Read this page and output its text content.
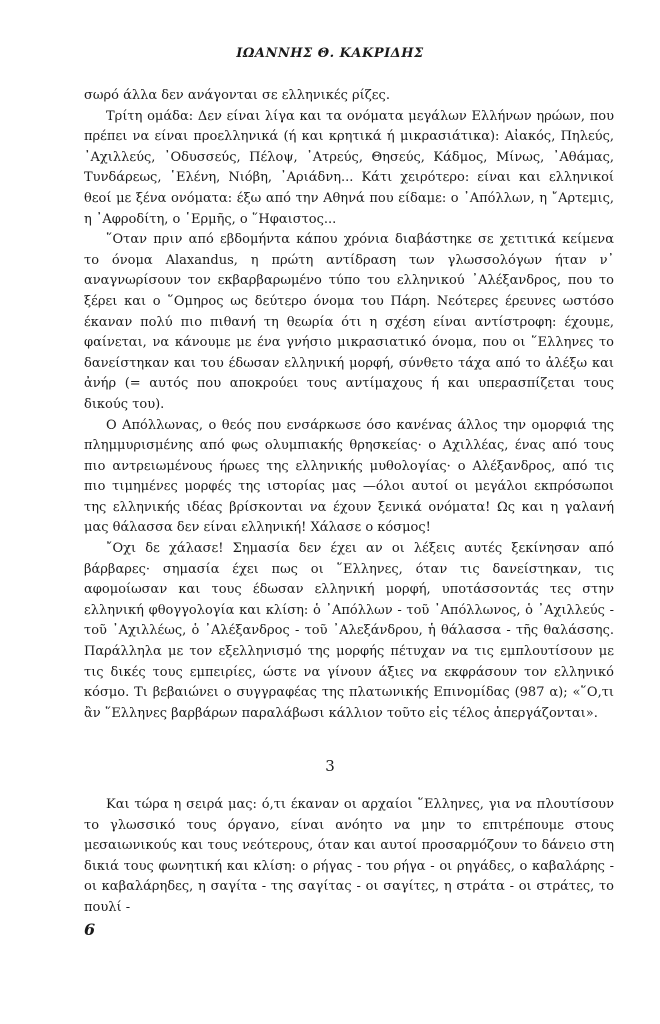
ΙΩΑΝΝΗΣ Θ. ΚΑΚΡΙΔΗΣ

σωρό άλλα δεν ανάγονται σε ελληνικές ρίζες.

Τρίτη ομάδα: Δεν είναι λίγα και τα ονόματα μεγάλων Ελλήνων ηρώων, που πρέπει να είναι προελληνικά (ή και κρητικά ή μικρασιάτικα): Αἰακός, Πηλεύς, ᾿Αχιλλεύς, ᾿Οδυσσεύς, Πέλοψ, ᾿Ατρεύς, Θησεύς, Κάδμος, Μίνως, ᾿Αθάμας, Τυνδάρεως, ῾Ελένη, Νιόβη, ᾿Αριάδνη... Κάτι χειρότερο: είναι και ελληνικοί θεοί με ξένα ονόματα: έξω από την Αθηνά που είδαμε: ο ᾿Απόλλων, η ῎Αρτεμις, η ᾿Αφροδίτη, ο ῾Ερμῆς, ο ῞Ηφαιστος...

῞Οταν πριν από εβδομήντα κάπου χρόνια διαβάστηκε σε χετιτικά κείμενα το όνομα Alaxandus, η πρώτη αντίδραση των γλωσσολόγων ήταν ν᾿ αναγνωρίσουν τον εκβαρβαρωμένο τύπο του ελληνικού ᾿Αλέξανδρος, που το ξέρει και ο ῞Ομηρος ως δεύτερο όνομα του Πάρη. Νεότερες έρευνες ωστόσο έκαναν πολύ πιο πιθανή τη θεωρία ότι η σχέση είναι αντίστροφη: έχουμε, φαίνεται, να κάνουμε με ένα γνήσιο μικρασιατικό όνομα, που οι ῞Ελληνες το δανείστηκαν και του έδωσαν ελληνική μορφή, σύνθετο τάχα από το ἀλέξω και ἀνήρ (= αυτός που αποκρούει τους αντίμαχους ή και υπερασπίζεται τους δικούς του).

Ο Απόλλωνας, ο θεός που ενσάρκωσε όσο κανένας άλλος την ομορφιά της πλημμυρισμένης από φως ολυμπιακής θρησκείας· ο Αχιλλέας, ένας από τους πιο αντρειωμένους ήρωες της ελληνικής μυθολογίας· ο Αλέξανδρος, από τις πιο τιμημένες μορφές της ιστορίας μας —όλοι αυτοί οι μεγάλοι εκπρόσωποι της ελληνικής ιδέας βρίσκονται να έχουν ξενικά ονόματα! Ως και η γαλανή μας θάλασσα δεν είναι ελληνική! Χάλασε ο κόσμος!

῎Οχι δε χάλασε! Σημασία δεν έχει αν οι λέξεις αυτές ξεκίνησαν από βάρβαρες· σημασία έχει πως οι ῞Ελληνες, όταν τις δανείστηκαν, τις αφομοίωσαν και τους έδωσαν ελληνική μορφή, υποτάσσοντάς τες στην ελληνική φθογγολογία και κλίση: ὁ ᾿Απόλλων - τοῦ ᾿Απόλλωνος, ὁ ᾿Αχιλλεύς - τοῦ ᾿Αχιλλέως, ὁ ᾿Αλέξανδρος - τοῦ ᾿Αλεξάνδρου, ἡ θάλασσα - τῆς θαλάσσης. Παράλληλα με τον εξελληνισμό της μορφής πέτυχαν να τις εμπλουτίσουν με τις δικές τους εμπειρίες, ώστε να γίνουν άξιες να εκφράσουν τον ελληνικό κόσμο. Τι βεβαιώνει ο συγγραφέας της πλατωνικής Επινομίδας (987 α); «῞Ο,τι ἂν ῞Ελληνες βαρβάρων παραλάβωσι κάλλιον τοῦτο εἰς τέλος ἀπεργάζονται».

3

Και τώρα η σειρά μας: ό,τι έκαναν οι αρχαίοι ῞Ελληνες, για να πλουτίσουν το γλωσσικό τους όργανο, είναι ανόητο να μην το επιτρέπουμε στους μεσαιωνικούς και τους νεότερους, όταν και αυτοί προσαρμόζουν το δάνειο στη δικιά τους φωνητική και κλίση: ο ρήγας - του ρήγα - οι ρηγάδες, ο καβαλάρης - οι καβαλάρηδες, η σαγίτα - της σαγίτας - οι σαγίτες, η στράτα - οι στράτες, το πουλί -

6
